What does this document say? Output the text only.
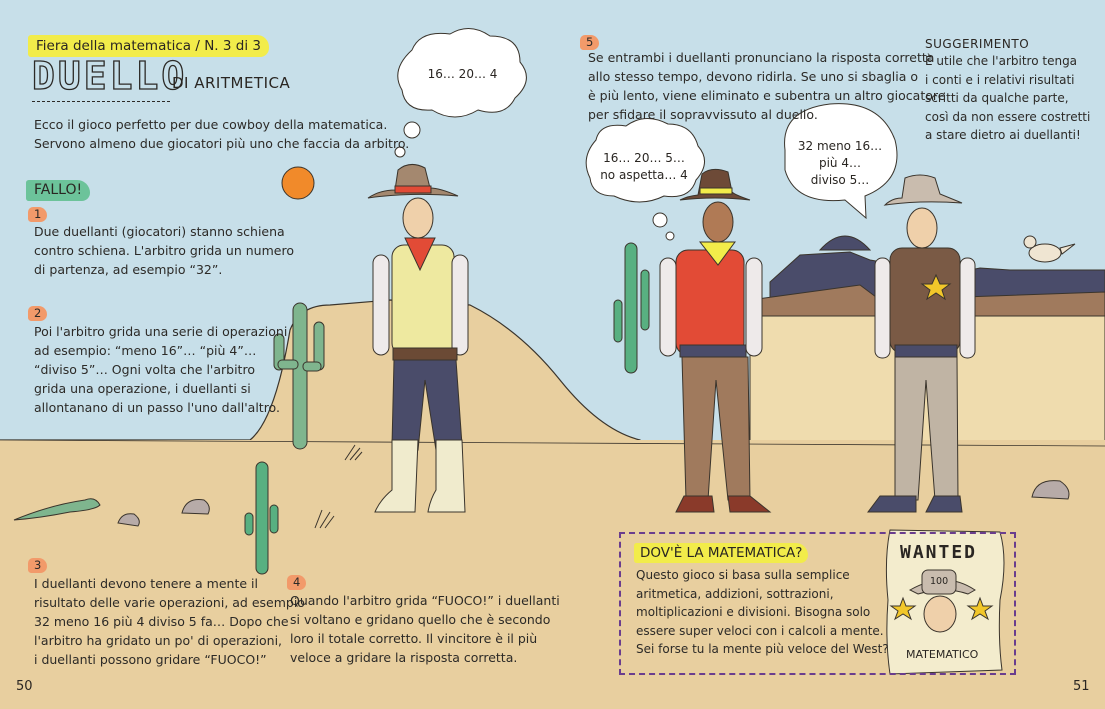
Fiera della matematica / N. 3 di 3
DUELLO
DI ARITMETICA
Ecco il gioco perfetto per due cowboy della matematica.
Servono almeno due giocatori più uno che faccia da arbitro.
FALLO!
1
Due duellanti (giocatori) stanno schiena
contro schiena. L'arbitro grida un numero
di partenza, ad esempio “32”.
2
Poi l'arbitro grida una serie di operazioni
ad esempio: “meno 16”… “più 4”…
“diviso 5”… Ogni volta che l'arbitro
grida una operazione, i duellanti si
allontanano di un passo l'uno dall'altro.
3
I duellanti devono tenere a mente il
risultato delle varie operazioni, ad esempio
32 meno 16 più 4 diviso 5 fa… Dopo che
l'arbitro ha gridato un po' di operazioni,
i duellanti possono gridare “FUOCO!”
4
Quando l'arbitro grida “FUOCO!” i duellanti
si voltano e gridano quello che è secondo
loro il totale corretto. Il vincitore è il più
veloce a gridare la risposta corretta.
5
Se entrambi i duellanti pronunciano la risposta corretta
allo stesso tempo, devono ridirla. Se uno si sbaglia o
è più lento, viene eliminato e subentra un altro giocatore
per sfidare il sopravvissuto al duello.
16… 20… 4
16… 20… 5…
no aspetta… 4
32 meno 16…
più 4…
diviso 5…
SUGGERIMENTO
È utile che l'arbitro tenga
i conti e i relativi risultati
scritti da qualche parte,
così da non essere costretti
a stare dietro ai duellanti!
DOV'È LA MATEMATICA?
Questo gioco si basa sulla semplice
aritmetica, addizioni, sottrazioni,
moltiplicazioni e divisioni. Bisogna solo
essere super veloci con i calcoli a mente.
Sei forse tu la mente più veloce del West?
WANTED
100
MATEMATICO
50	51
